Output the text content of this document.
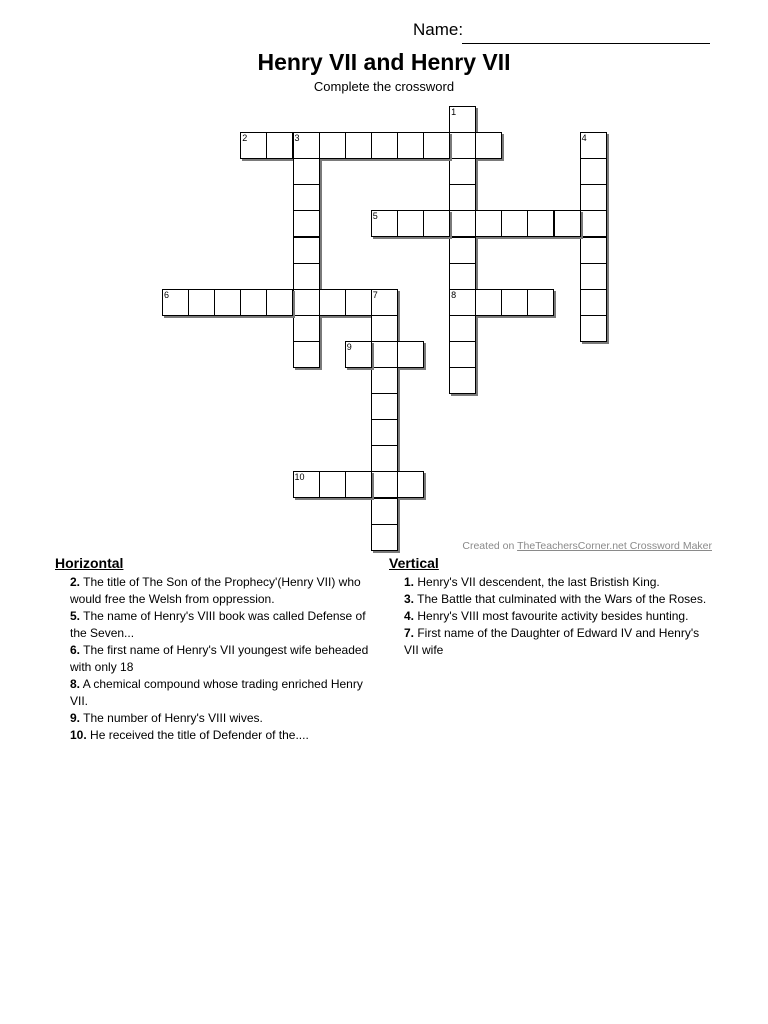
Name:
Henry VII and Henry VII
Complete the crossword
1
8
2	3	4
5
6	7
9
10
Created on TheTeachersCorner.net Crossword Maker
Horizontal
2. The title of The Son of the Prophecy'(Henry VII) who would free the Welsh from oppression.
5. The name of Henry's VIII book was called Defense of the Seven...
6. The first name of Henry's VII youngest wife beheaded with only 18
8. A chemical compound whose trading enriched Henry VII.
9. The number of Henry's VIII wives.
10. He received the title of Defender of the....
Vertical
1. Henry's VII descendent, the last Bristish King.
3. The Battle that culminated with the Wars of the Roses.
4. Henry's VIII most favourite activity besides hunting.
7. First name of the Daughter of Edward IV and Henry's VII wife
